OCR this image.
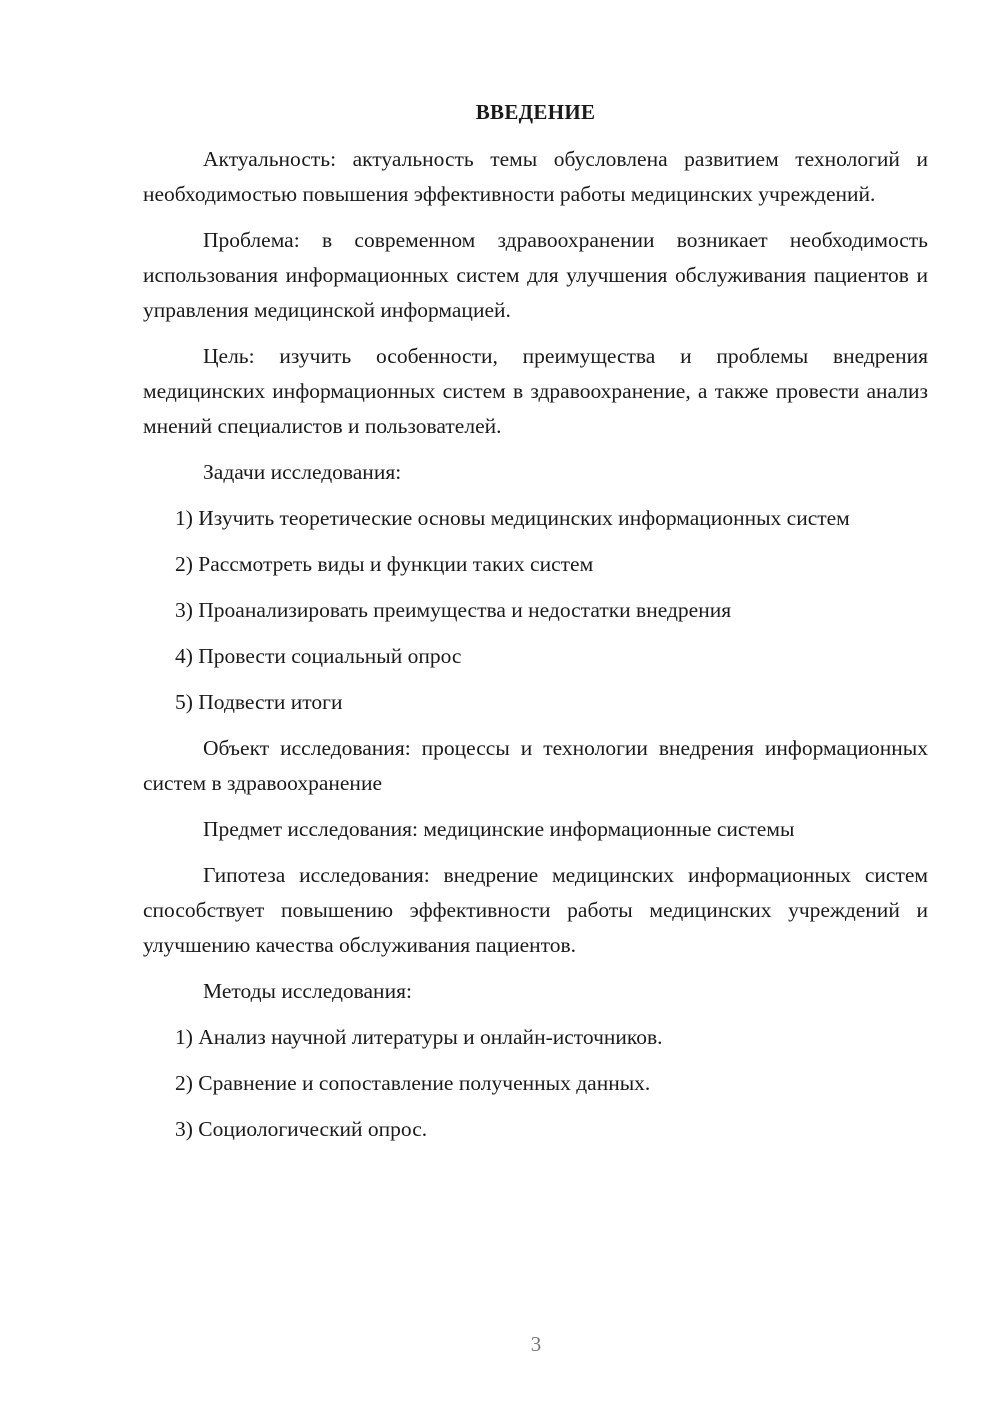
ВВЕДЕНИЕ

Актуальность: актуальность темы обусловлена развитием технологий и необходимостью повышения эффективности работы медицинских учреждений.

Проблема: в современном здравоохранении возникает необходимость использования информационных систем для улучшения обслуживания пациентов и управления медицинской информацией.

Цель: изучить особенности, преимущества и проблемы внедрения медицинских информационных систем в здравоохранение, а также провести анализ мнений специалистов и пользователей.

Задачи исследования:

1) Изучить теоретические основы медицинских информационных систем

2) Рассмотреть виды и функции таких систем

3) Проанализировать преимущества и недостатки внедрения

4) Провести социальный опрос

5) Подвести итоги

Объект исследования: процессы и технологии внедрения информационных систем в здравоохранение

Предмет исследования: медицинские информационные системы

Гипотеза исследования: внедрение медицинских информационных систем способствует повышению эффективности работы медицинских учреждений и улучшению качества обслуживания пациентов.

Методы исследования:

1) Анализ научной литературы и онлайн-источников.

2) Сравнение и сопоставление полученных данных.

3) Социологический опрос.

3
